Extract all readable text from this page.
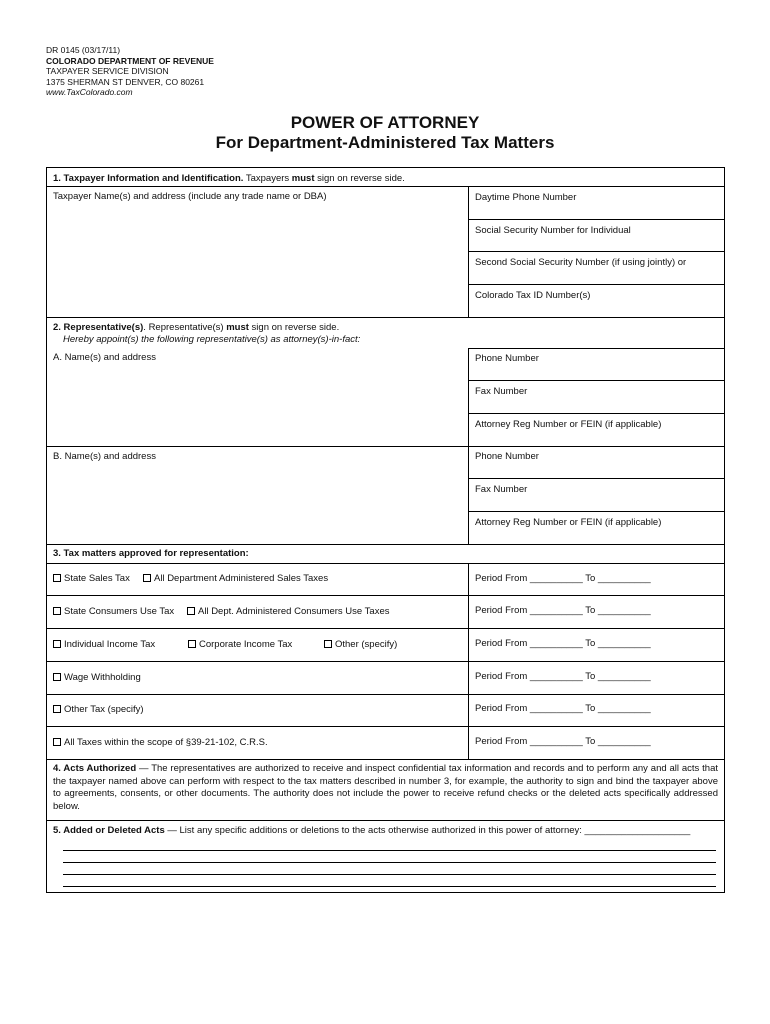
DR 0145 (03/17/11)
COLORADO DEPARTMENT OF REVENUE
TAXPAYER SERVICE DIVISION
1375 SHERMAN ST DENVER, CO 80261
www.TaxColorado.com
POWER OF ATTORNEY
For Department-Administered Tax Matters
1. Taxpayer Information and Identification. Taxpayers must sign on reverse side.
Taxpayer Name(s) and address (include any trade name or DBA)	Daytime Phone Number
Social Security Number for Individual
Second Social Security Number (if using jointly) or
Colorado Tax ID Number(s)
2. Representative(s). Representative(s) must sign on reverse side.
Hereby appoint(s) the following representative(s) as attorney(s)-in-fact:
A. Name(s) and address	Phone Number
Fax Number
Attorney Reg Number or FEIN (if applicable)
B. Name(s) and address	Phone Number
Fax Number
Attorney Reg Number or FEIN (if applicable)
3. Tax matters approved for representation:
State Sales Tax	All Department Administered Sales Taxes	Period From __________ To __________
State Consumers Use Tax	All Dept. Administered Consumers Use Taxes	Period From __________ To __________
Individual Income Tax	Corporate Income Tax	Other (specify)	Period From __________ To __________
Wage Withholding	Period From __________ To __________
Other Tax (specify)	Period From __________ To __________
All Taxes within the scope of §39-21-102, C.R.S.	Period From __________ To __________
4. Acts Authorized — The representatives are authorized to receive and inspect confidential tax information and records and to perform any and all acts that the taxpayer named above can perform with respect to the tax matters described in number 3, for example, the authority to sign and bind the taxpayer above to agreements, consents, or other documents. The authority does not include the power to receive refund checks or the deleted acts specifically addressed below.
5. Added or Deleted Acts — List any specific additions or deletions to the acts otherwise authorized in this power of attorney: ____________________
